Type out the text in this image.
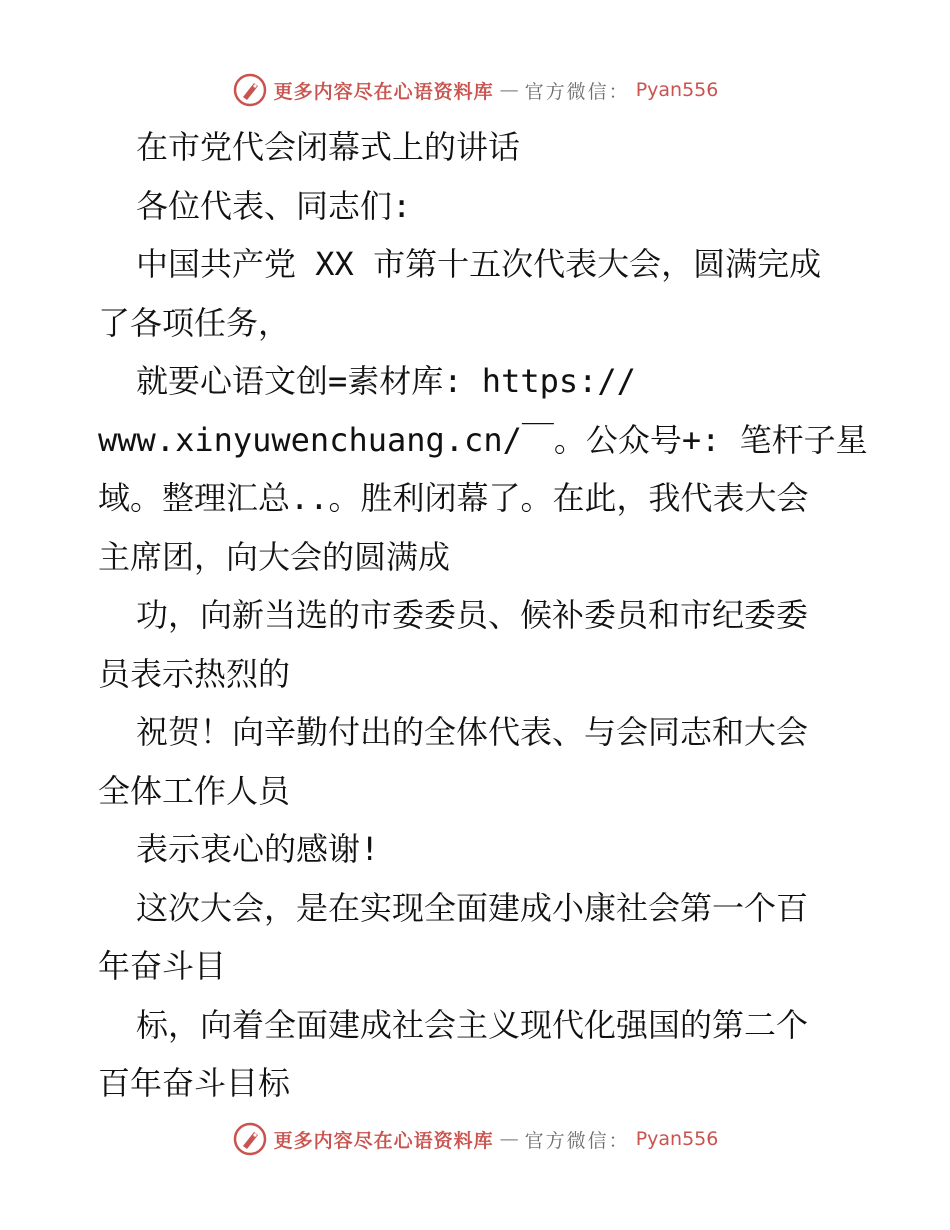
更多内容尽在心语资料库 — 官方微信： Pyan556
在市党代会闭幕式上的讲话
各位代表、同志们:
中国共产党 XX 市第十五次代表大会，圆满完成
了各项任务，
就要心语文创=素材库: https://
www.xinyuwenchuang.cn/￣。公众号+: 笔杆子星
域。整理汇总..。胜利闭幕了。在此，我代表大会
主席团，向大会的圆满成
功，向新当选的市委委员、候补委员和市纪委委
员表示热烈的
祝贺！向辛勤付出的全体代表、与会同志和大会
全体工作人员
表示衷心的感谢!
这次大会，是在实现全面建成小康社会第一个百
年奋斗目
标，向着全面建成社会主义现代化强国的第二个
百年奋斗目标
更多内容尽在心语资料库 — 官方微信： Pyan556
